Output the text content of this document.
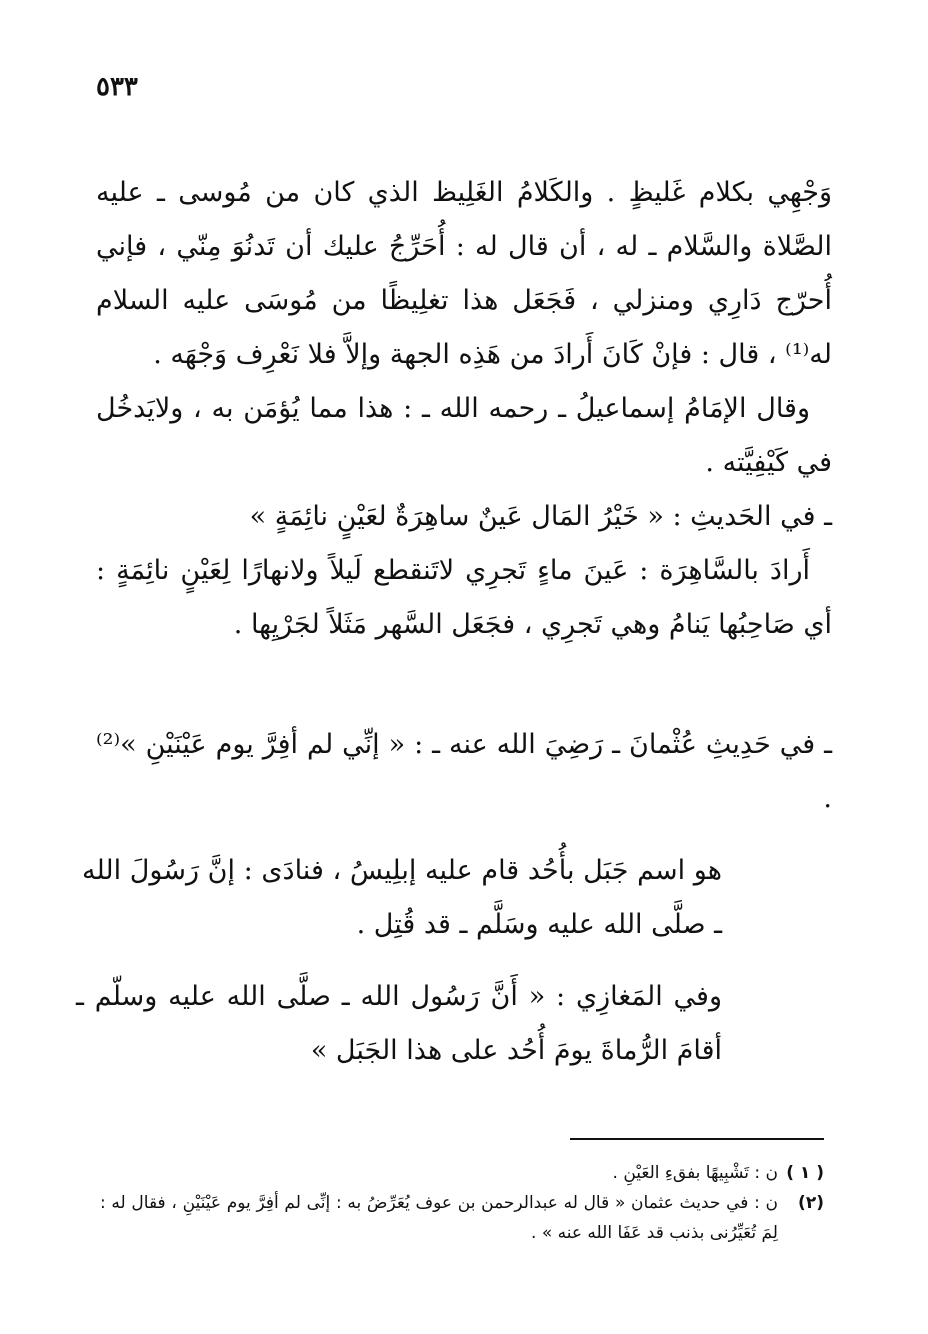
٥٣٣

وَجْهِي بكلام غَليظٍ . والكَلامُ الغَلِيظ الذي كان من مُوسى ـ عليه الصَّلاة والسَّلام ـ له ، أن قال له : أُحَرِّجُ عليك أن تَدنُوَ مِنّي ، فإني أُحرّج دَارِي ومنزلي ، فَجَعَل هذا تغلِيظًا من مُوسَى عليه السلام له⁽¹⁾ ، قال : فإنْ كَانَ أَرادَ من هَذِه الجهة وإلاَّ فلا نَعْرِف وَجْهَه .

وقال الإمَامُ إسماعيلُ ـ رحمه الله ـ : هذا مما يُؤمَن به ، ولايَدخُل في كَيْفِيَّته .

ـ في الحَديثِ : « خَيْرُ المَال عَينٌ ساهِرَةٌ لعَيْنٍ نائِمَةٍ »

أَرادَ بالسَّاهِرَة : عَينَ ماءٍ تَجرِي لاتَنقطع لَيلاً ولانهارًا لِعَيْنٍ نائِمَةٍ : أي صَاحِبُها يَنامُ وهي تَجرِي ، فجَعَل السَّهر مَثَلاً لجَرْيِها .

ـ في حَدِيثِ عُثْمانَ ـ رَضِيَ الله عنه ـ : « إنِّي لم أفِرَّ يوم عَيْنَيْنِ »⁽²⁾ .

هو اسم جَبَل بأُحُد قام عليه إبلِيسُ ، فنادَى : إنَّ رَسُولَ الله ـ صلَّى الله عليه وسَلَّم ـ قد قُتِل .

وفي المَغازِي : « أَنَّ رَسُول الله ـ صلَّى الله عليه وسلّم ـ أقامَ الرُّماةَ يومَ أُحُد على هذا الجَبَل »

( ١ )
ن : تَشْبِيهًا بفقءِ العَيْنِ .
(٢)
ن : في حديث عثمان « قال له عبدالرحمن بن عوف يُعَرِّضُ به : إنِّى لم أفِرَّ يوم عَيْنَيْنِ ، فقال له : لِمَ تُعَيِّرُنى بذنب قد عَفَا الله عنه » .
